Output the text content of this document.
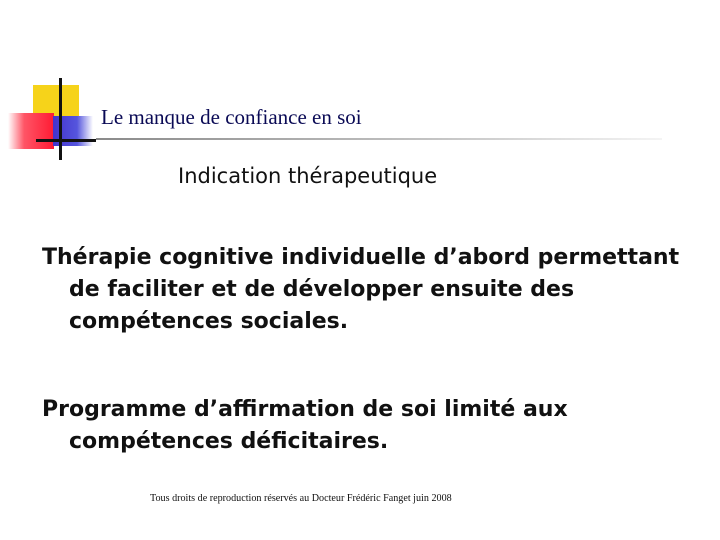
Le manque de confiance en soi
Indication thérapeutique

Thérapie cognitive individuelle d’abord permettant de faciliter et de développer ensuite des compétences sociales.

Programme d’affirmation de soi limité aux compétences déficitaires.

Tous droits de reproduction réservés au Docteur Frédéric Fanget juin 2008
